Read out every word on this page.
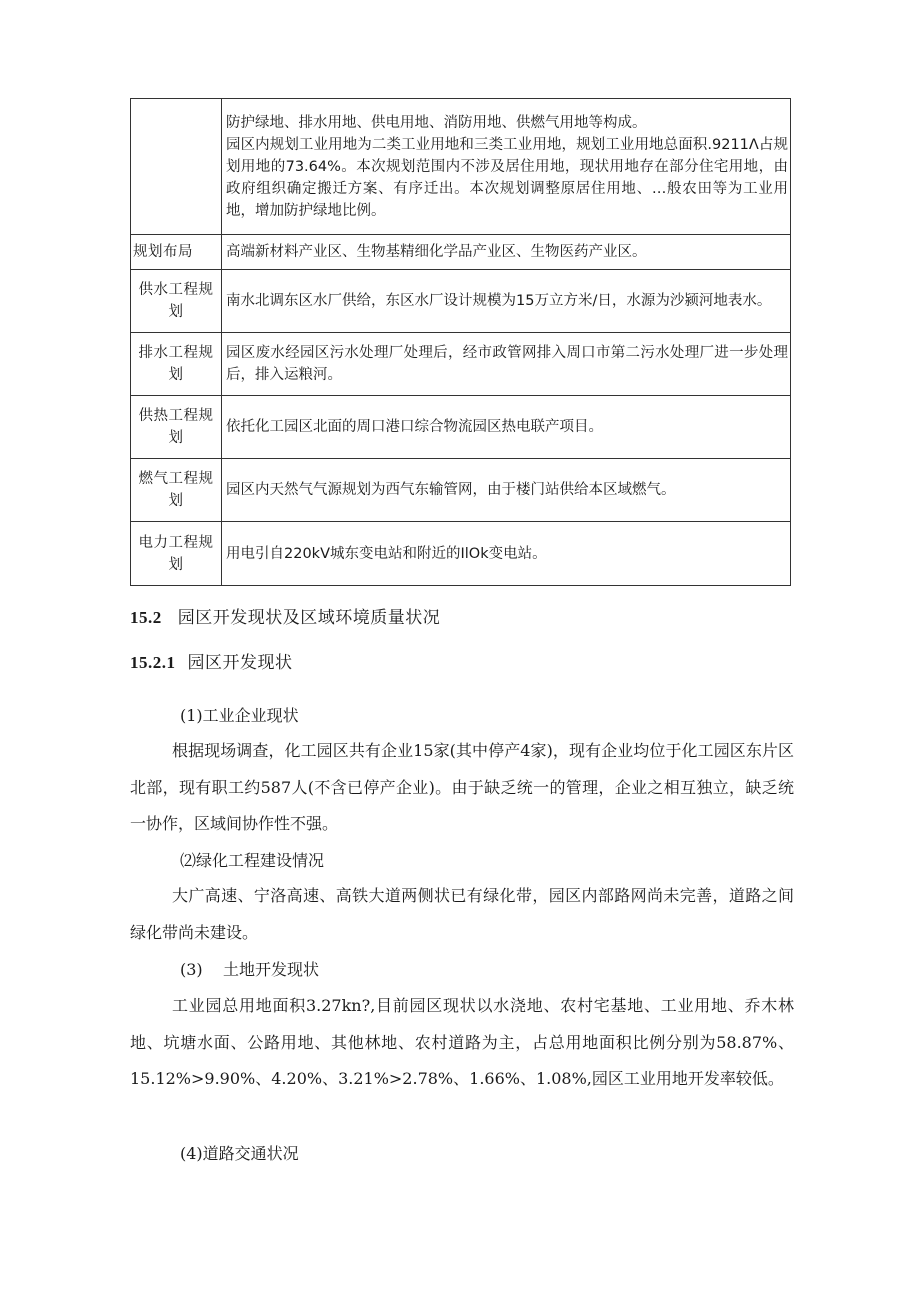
	防护绿地、排水用地、供电用地、消防用地、供燃气用地等构成。
园区内规划工业用地为二类工业用地和三类工业用地，规划工业用地总面积.9211Λ占规划用地的73.64%。本次规划范围内不涉及居住用地，现状用地存在部分住宅用地，由政府组织确定搬迁方案、有序迁出。本次规划调整原居住用地、…般农田等为工业用地，增加防护绿地比例。

规划布局	高端新材料产业区、生物基精细化学品产业区、生物医药产业区。
供水工程规划	南水北调东区水厂供给，东区水厂设计规模为15万立方米/日，水源为沙颍河地表水。
排水工程规划	园区废水经园区污水处理厂处理后，经市政管网排入周口市第二污水处理厂进一步处理后，排入运粮河。
供热工程规划	依托化工园区北面的周口港口综合物流园区热电联产项目。
燃气工程规划	园区内天然气气源规划为西气东输管网，由于楼门站供给本区域燃气。
电力工程规划	用电引自220kV城东变电站和附近的IlOk变电站。
15.2 园区开发现状及区域环境质量状况
15.2.1 园区开发现状
(1)工业企业现状
根据现场调查，化工园区共有企业15家(其中停产4家)，现有企业均位于化工园区东片区北部，现有职工约587人(不含已停产企业)。由于缺乏统一的管理，企业之相互独立，缺乏统一协作，区域间协作性不强。
⑵绿化工程建设情况
大广高速、宁洛高速、高铁大道两侧状已有绿化带，园区内部路网尚未完善，道路之间绿化带尚未建设。
(3)    土地开发现状
工业园总用地面积3.27kn?,目前园区现状以水浇地、农村宅基地、工业用地、乔木林地、坑塘水面、公路用地、其他林地、农村道路为主，占总用地面积比例分别为58.87%、15.12%>9.90%、4.20%、3.21%>2.78%、1.66%、1.08%,园区工业用地开发率较低。
(4)道路交通状况
